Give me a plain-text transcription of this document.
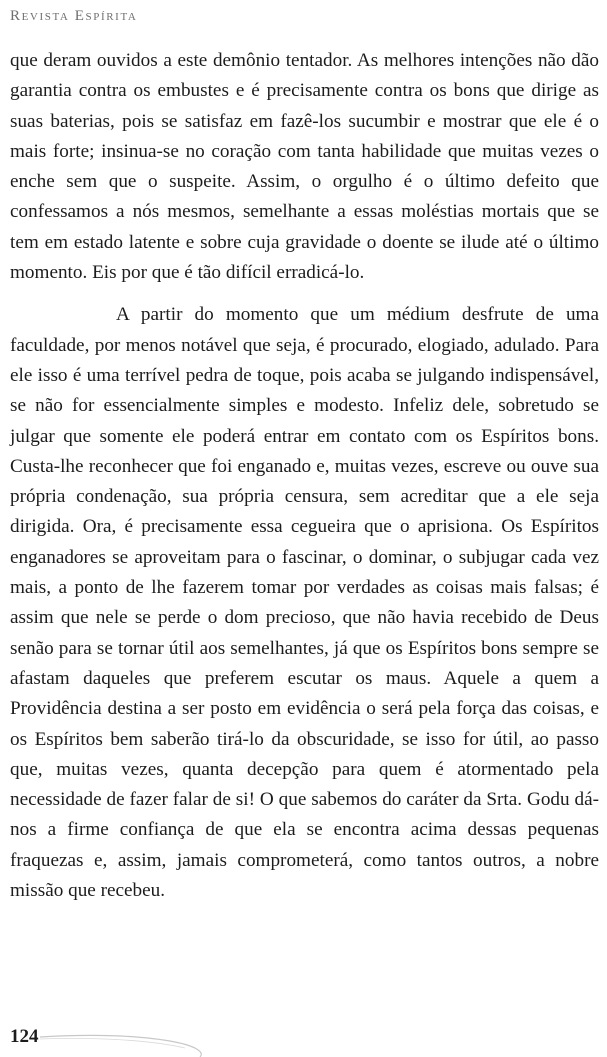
Revista Espírita

que deram ouvidos a este demônio tentador. As melhores intenções não dão garantia contra os embustes e é precisamente contra os bons que dirige as suas baterias, pois se satisfaz em fazê-los sucumbir e mostrar que ele é o mais forte; insinua-se no coração com tanta habilidade que muitas vezes o enche sem que o suspeite. Assim, o orgulho é o último defeito que confessamos a nós mesmos, semelhante a essas moléstias mortais que se tem em estado latente e sobre cuja gravidade o doente se ilude até o último momento. Eis por que é tão difícil erradicá-lo.

A partir do momento que um médium desfrute de uma faculdade, por menos notável que seja, é procurado, elogiado, adulado. Para ele isso é uma terrível pedra de toque, pois acaba se julgando indispensável, se não for essencialmente simples e modesto. Infeliz dele, sobretudo se julgar que somente ele poderá entrar em contato com os Espíritos bons. Custa-lhe reconhecer que foi enganado e, muitas vezes, escreve ou ouve sua própria condenação, sua própria censura, sem acreditar que a ele seja dirigida. Ora, é precisamente essa cegueira que o aprisiona. Os Espíritos enganadores se aproveitam para o fascinar, o dominar, o subjugar cada vez mais, a ponto de lhe fazerem tomar por verdades as coisas mais falsas; é assim que nele se perde o dom precioso, que não havia recebido de Deus senão para se tornar útil aos semelhantes, já que os Espíritos bons sempre se afastam daqueles que preferem escutar os maus. Aquele a quem a Providência destina a ser posto em evidência o será pela força das coisas, e os Espíritos bem saberão tirá-lo da obscuridade, se isso for útil, ao passo que, muitas vezes, quanta decepção para quem é atormentado pela necessidade de fazer falar de si! O que sabemos do caráter da Srta. Godu dá-nos a firme confiança de que ela se encontra acima dessas pequenas fraquezas e, assim, jamais comprometerá, como tantos outros, a nobre missão que recebeu.

124
